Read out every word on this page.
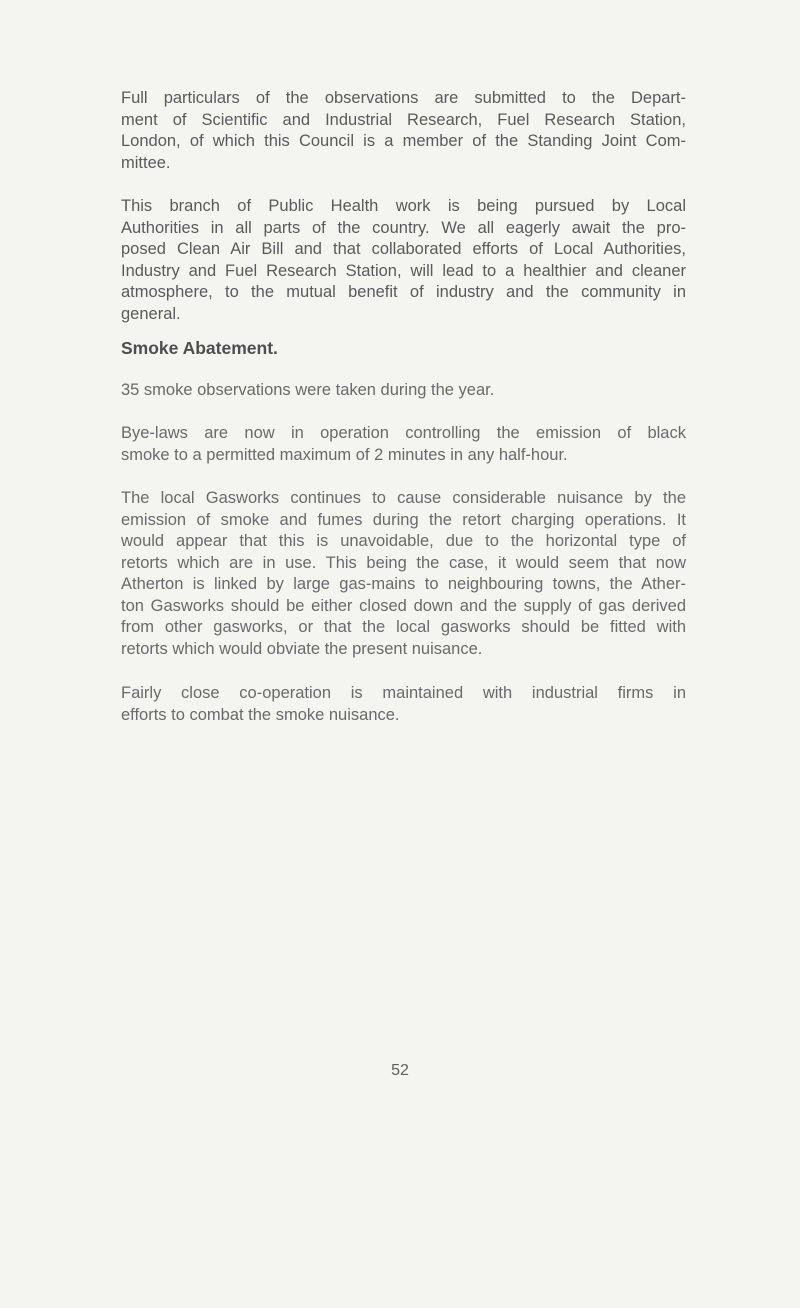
Full particulars of the observations are submitted to the Depart-
ment of Scientific and Industrial Research, Fuel Research Station,
London, of which this Council is a member of the Standing Joint Com-
mittee.

This branch of Public Health work is being pursued by Local
Authorities in all parts of the country. We all eagerly await the pro-
posed Clean Air Bill and that collaborated efforts of Local Authorities,
Industry and Fuel Research Station, will lead to a healthier and cleaner
atmosphere, to the mutual benefit of industry and the community in
general.

Smoke Abatement.

35 smoke observations were taken during the year.

Bye-laws are now in operation controlling the emission of black
smoke to a permitted maximum of 2 minutes in any half-hour.

The local Gasworks continues to cause considerable nuisance by the
emission of smoke and fumes during the retort charging operations. It
would appear that this is unavoidable, due to the horizontal type of
retorts which are in use. This being the case, it would seem that now
Atherton is linked by large gas-mains to neighbouring towns, the Ather-
ton Gasworks should be either closed down and the supply of gas derived
from other gasworks, or that the local gasworks should be fitted with
retorts which would obviate the present nuisance.

Fairly close co-operation is maintained with industrial firms in
efforts to combat the smoke nuisance.

52
